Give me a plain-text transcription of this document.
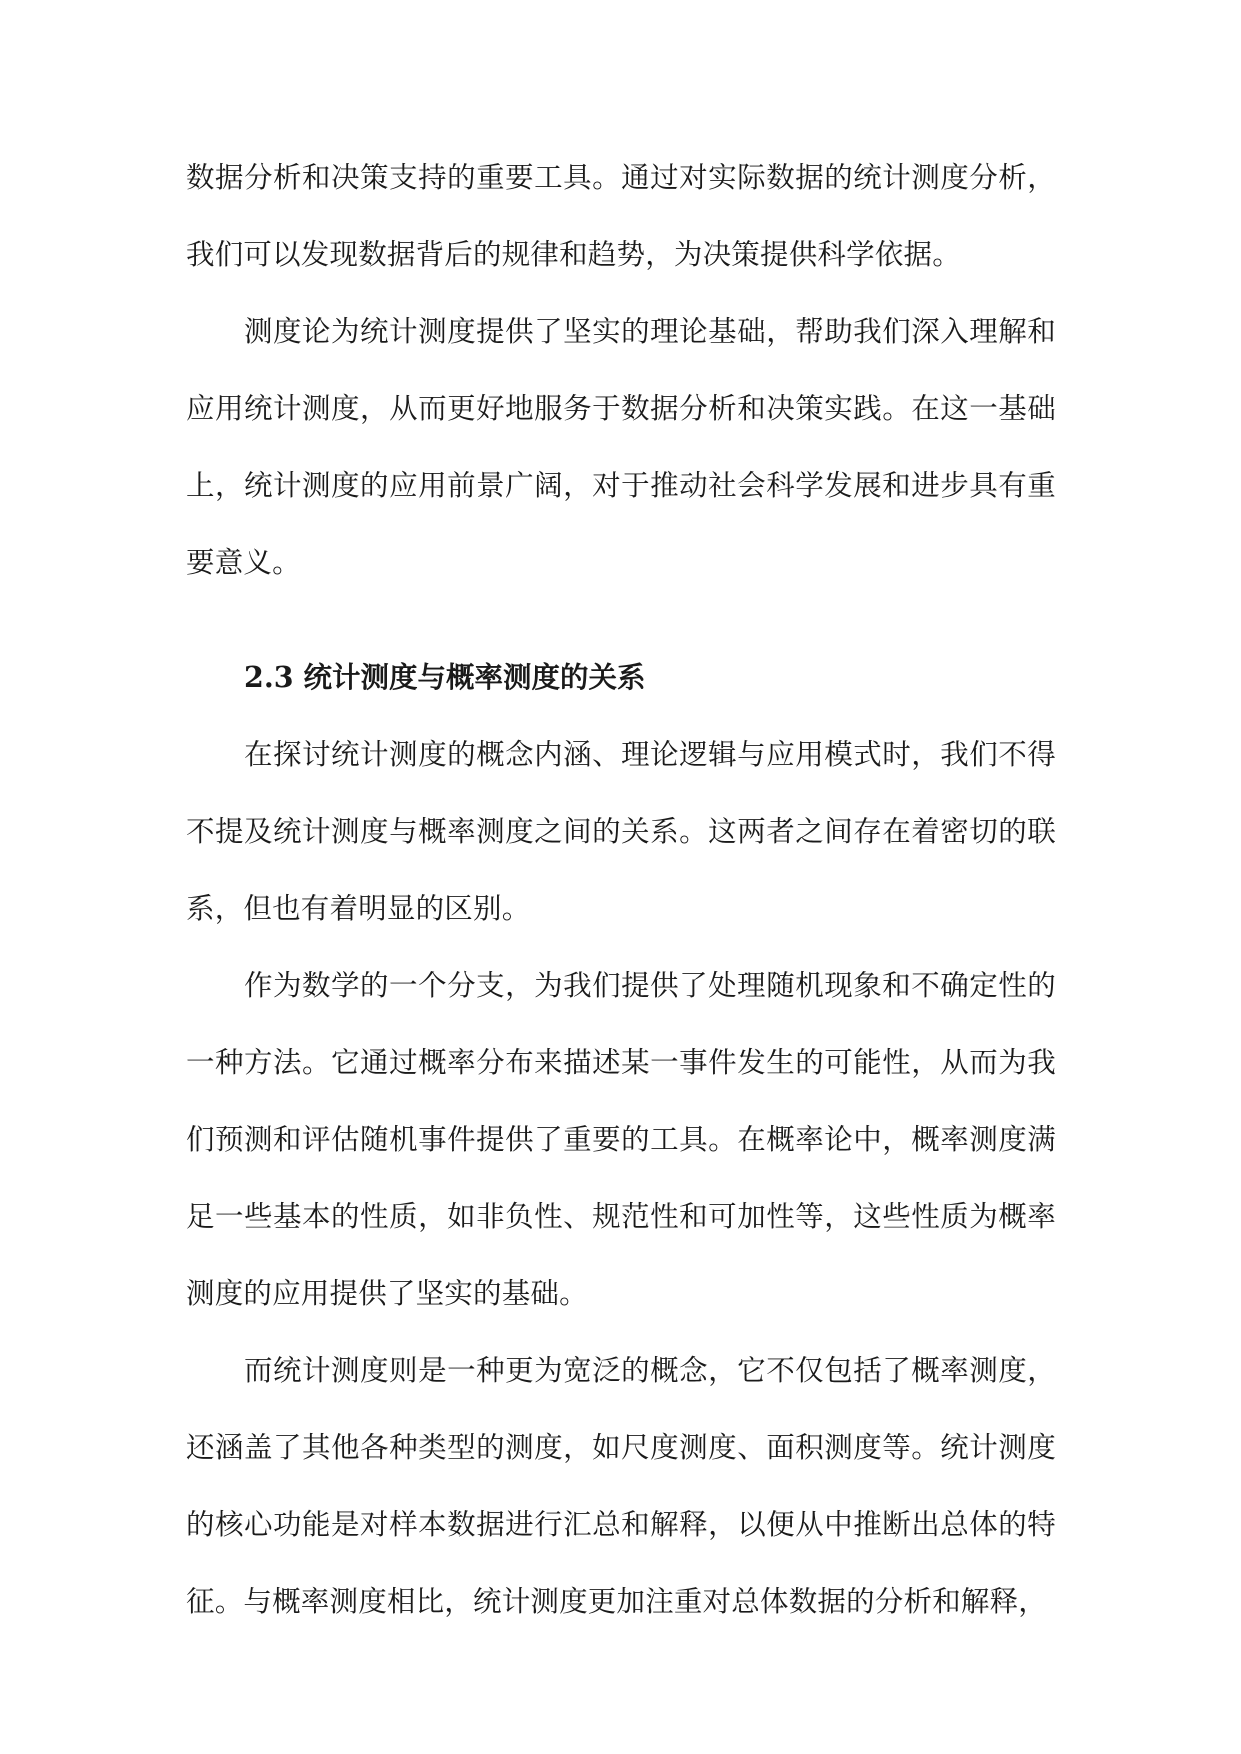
数据分析和决策支持的重要工具。通过对实际数据的统计测度分析，我们可以发现数据背后的规律和趋势，为决策提供科学依据。

测度论为统计测度提供了坚实的理论基础，帮助我们深入理解和应用统计测度，从而更好地服务于数据分析和决策实践。在这一基础上，统计测度的应用前景广阔，对于推动社会科学发展和进步具有重要意义。

2.3 统计测度与概率测度的关系

在探讨统计测度的概念内涵、理论逻辑与应用模式时，我们不得不提及统计测度与概率测度之间的关系。这两者之间存在着密切的联系，但也有着明显的区别。

作为数学的一个分支，为我们提供了处理随机现象和不确定性的一种方法。它通过概率分布来描述某一事件发生的可能性，从而为我们预测和评估随机事件提供了重要的工具。在概率论中，概率测度满足一些基本的性质，如非负性、规范性和可加性等，这些性质为概率测度的应用提供了坚实的基础。

而统计测度则是一种更为宽泛的概念，它不仅包括了概率测度，还涵盖了其他各种类型的测度，如尺度测度、面积测度等。统计测度的核心功能是对样本数据进行汇总和解释，以便从中推断出总体的特征。与概率测度相比，统计测度更加注重对总体数据的分析和解释，
